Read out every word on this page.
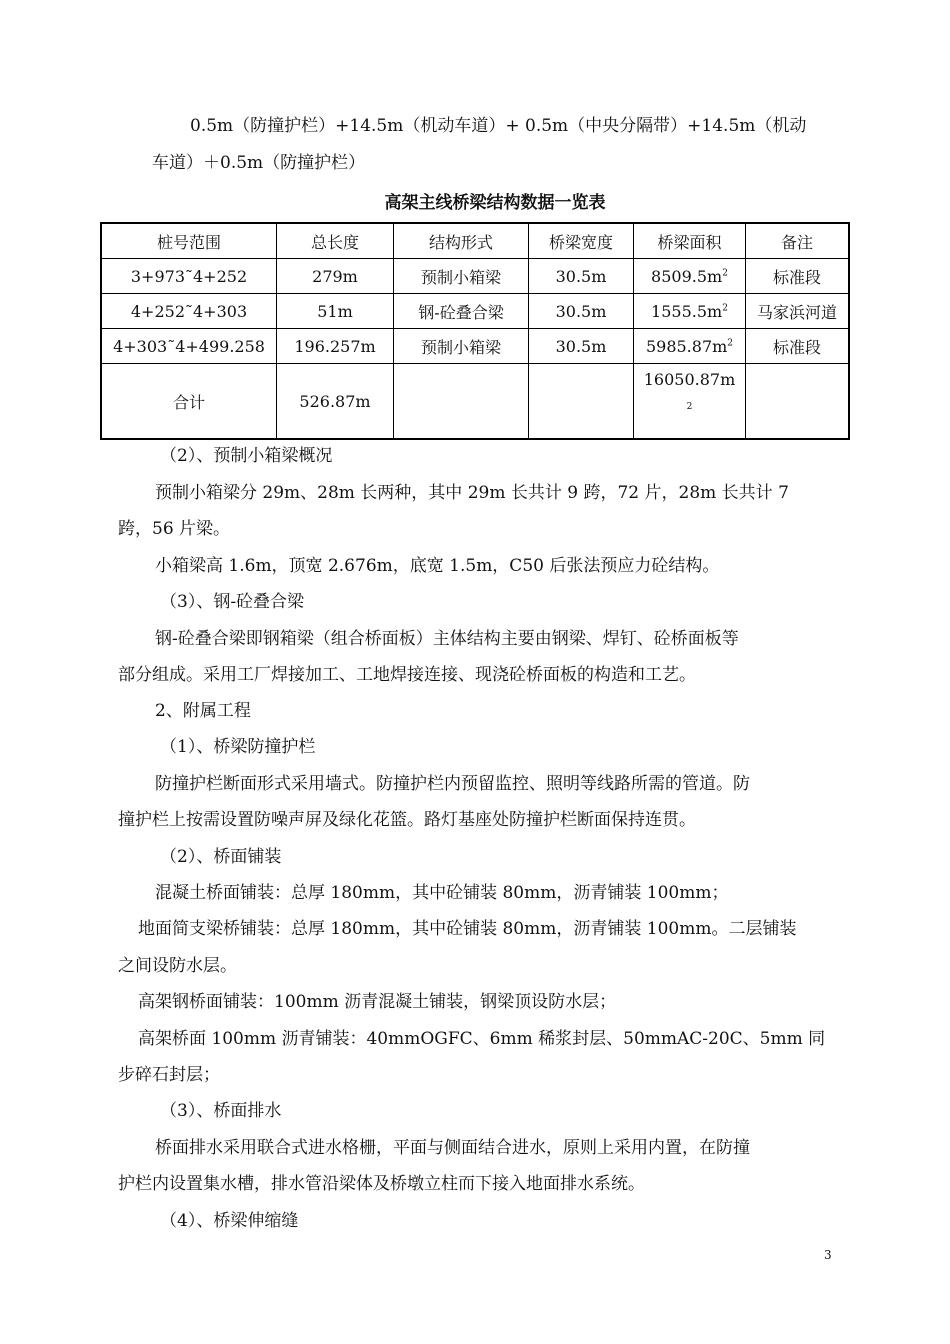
0.5m（防撞护栏）+14.5m（机动车道）+ 0.5m（中央分隔带）+14.5m（机动
车道）＋0.5m（防撞护栏）
高架主线桥梁结构数据一览表
桩号范围	总长度	结构形式	桥梁宽度	桥梁面积	备注
3+973˜4+252	279m	预制小箱梁	30.5m	$8509.5m^2$	标准段
4+252˜4+303	51m	钢-砼叠合梁	30.5m	$1555.5m^2$	马家浜河道
4+303˜4+499.258	196.257m	预制小箱梁	30.5m	$5985.87m^2$	标准段
合计	526.87m			16050.87m
2	
（2）、预制小箱梁概况
预制小箱梁分 29m、28m 长两种，其中 29m 长共计 9 跨，72 片，28m 长共计 7
跨，56 片梁。
小箱梁高 1.6m，顶宽 2.676m，底宽 1.5m，C50 后张法预应力砼结构。
（3）、钢-砼叠合梁
钢-砼叠合梁即钢箱梁（组合桥面板）主体结构主要由钢梁、焊钉、砼桥面板等
部分组成。采用工厂焊接加工、工地焊接连接、现浇砼桥面板的构造和工艺。
2、附属工程
（1）、桥梁防撞护栏
防撞护栏断面形式采用墙式。防撞护栏内预留监控、照明等线路所需的管道。防
撞护栏上按需设置防噪声屏及绿化花篮。路灯基座处防撞护栏断面保持连贯。
（2）、桥面铺装
混凝土桥面铺装：总厚 180mm，其中砼铺装 80mm，沥青铺装 100mm；
地面简支梁桥铺装：总厚 180mm，其中砼铺装 80mm，沥青铺装 100mm。二层铺装
之间设防水层。
高架钢桥面铺装：100mm 沥青混凝土铺装，钢梁顶设防水层；
高架桥面 100mm 沥青铺装：40mmOGFC、6mm 稀浆封层、50mmAC-20C、5mm 同
步碎石封层；
（3）、桥面排水
桥面排水采用联合式进水格栅，平面与侧面结合进水，原则上采用内置，在防撞
护栏内设置集水槽，排水管沿梁体及桥墩立柱而下接入地面排水系统。
（4）、桥梁伸缩缝
3
